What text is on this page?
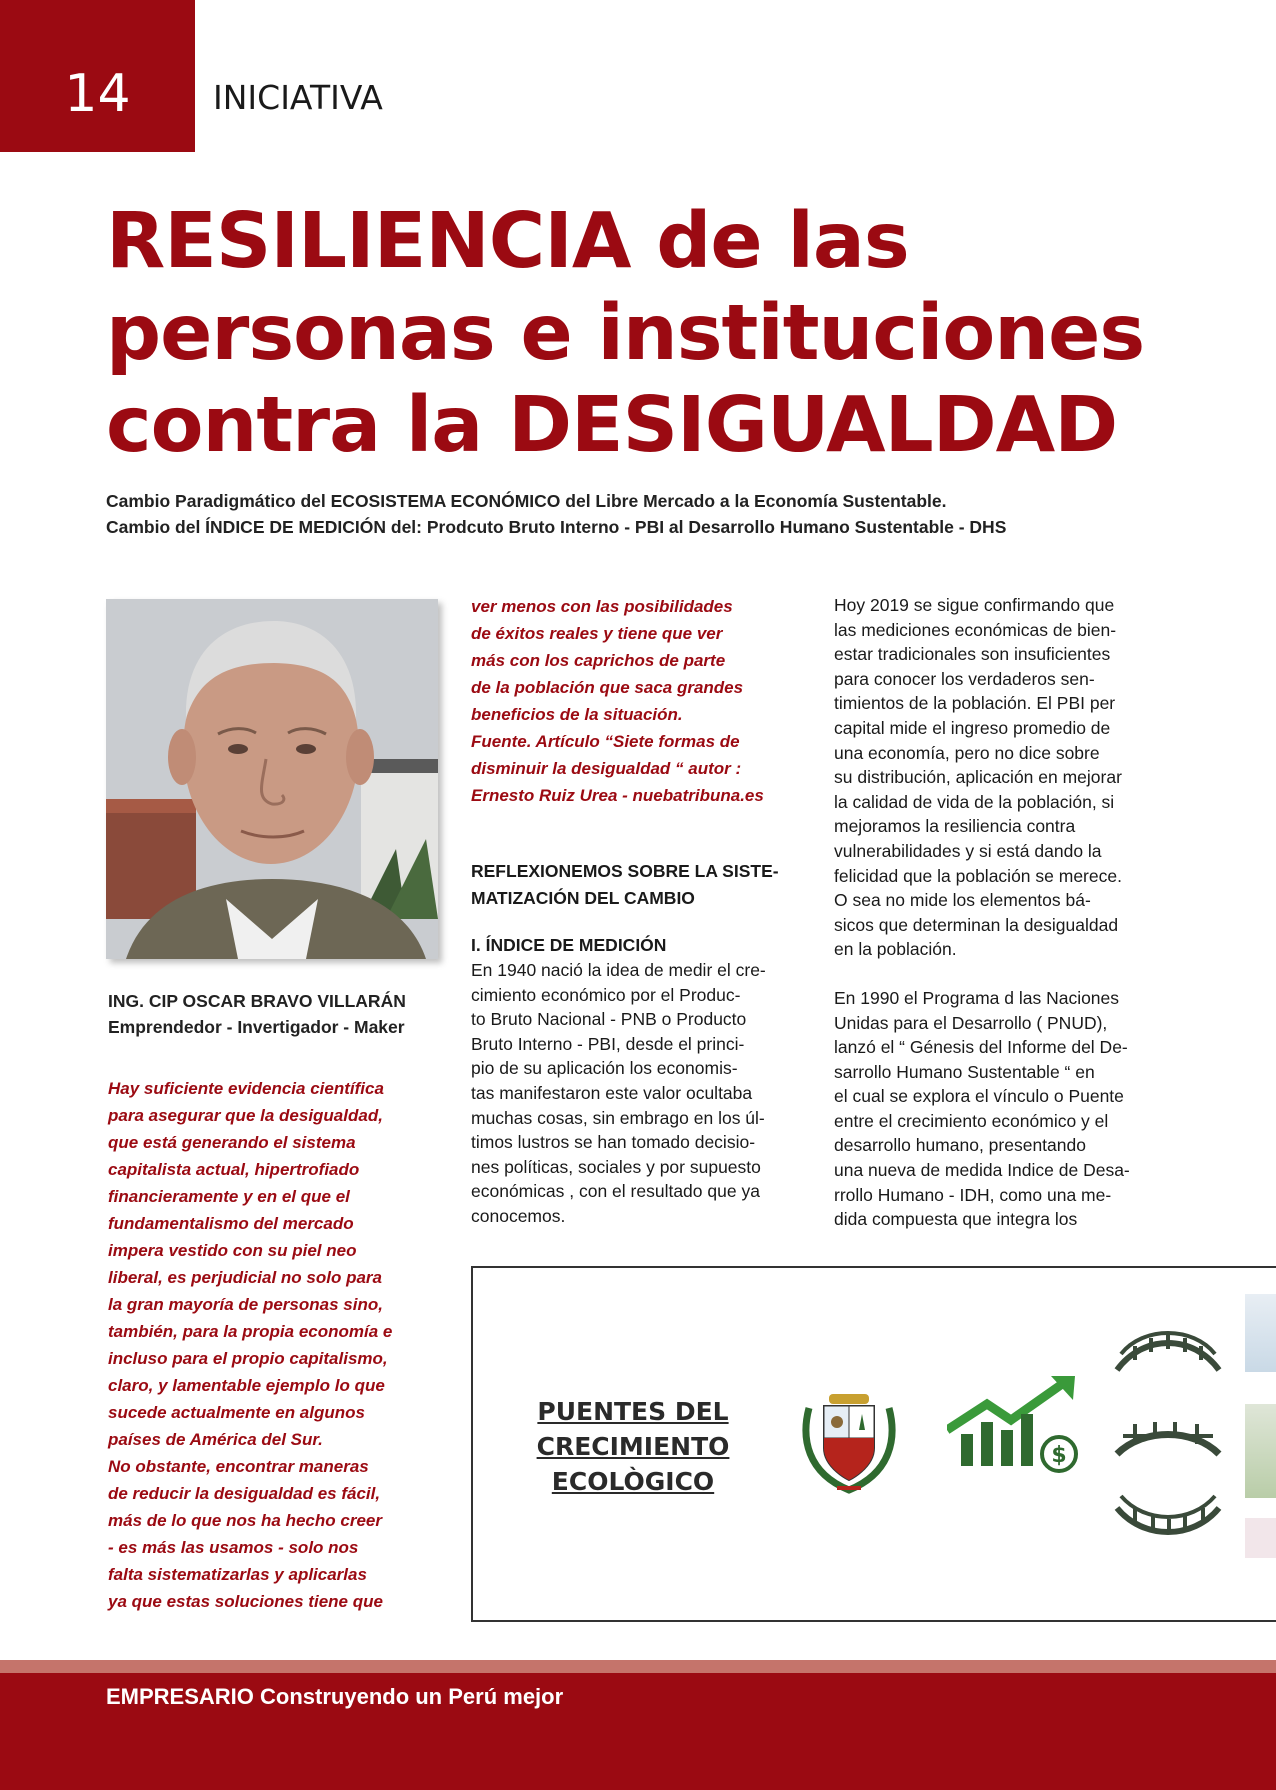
14	INICIATIVA
RESILIENCIA de las
personas e instituciones
contra la DESIGUALDAD
Cambio Paradigmático del ECOSISTEMA ECONÓMICO del Libre Mercado a la Economía Sustentable.
Cambio del ÍNDICE DE MEDICIÓN del: Prodcuto Bruto Interno - PBI al Desarrollo Humano Sustentable - DHS
ING. CIP OSCAR BRAVO VILLARÁN
Emprendedor - Invertigador - Maker
Hay suficiente evidencia científica
para asegurar que la desigualdad,
que está generando el sistema
capitalista actual, hipertrofiado
financieramente y en el que el
fundamentalismo del mercado
impera vestido con su piel neo
liberal, es perjudicial no solo para
la gran mayoría de personas sino,
también, para la propia economía e
incluso para el propio capitalismo,
claro, y lamentable ejemplo lo que
sucede actualmente en algunos
países de América del Sur.
No obstante, encontrar maneras
de reducir la desigualdad es fácil,
más de lo que nos ha hecho creer
- es más las usamos - solo nos
falta sistematizarlas y aplicarlas
ya que estas soluciones tiene que
ver menos con las posibilidades
de éxitos reales y tiene que ver
más con los caprichos de parte
de la población que saca grandes
beneficios de la situación.
Fuente. Artículo “Siete formas de
disminuir la desigualdad “ autor :
Ernesto Ruiz Urea - nuebatribuna.es
REFLEXIONEMOS SOBRE LA SISTE-
MATIZACIÓN DEL CAMBIO
I. ÍNDICE DE MEDICIÓN
En 1940 nació la idea de medir el cre-
cimiento económico por el Produc-
to Bruto Nacional - PNB o Producto
Bruto Interno - PBI, desde el princi-
pio de su aplicación los economis-
tas manifestaron este valor ocultaba
muchas cosas, sin embrago en los úl-
timos lustros se han tomado decisio-
nes políticas, sociales y por supuesto
económicas , con el resultado que ya
conocemos.
Hoy 2019 se sigue confirmando que
las mediciones económicas de bien-
estar tradicionales son insuficientes
para conocer los verdaderos sen-
timientos de la población. El PBI per
capital mide el ingreso promedio de
una economía, pero no dice sobre
su distribución, aplicación en mejorar
la calidad de vida de la población, si
mejoramos la resiliencia contra
vulnerabilidades y si está dando la
felicidad que la población se merece.
O sea no mide los elementos bá-
sicos que determinan la desigualdad
en la población.
En 1990 el Programa d las Naciones
Unidas para el Desarrollo ( PNUD),
lanzó el “ Génesis del Informe del De-
sarrollo Humano Sustentable “ en
el cual se explora el vínculo o Puente
entre el crecimiento económico y el
desarrollo humano, presentando
una nueva de medida Indice de Desa-
rrollo Humano - IDH, como una me-
dida compuesta que integra los
PUENTES DEL
CRECIMIENTO
ECOLÒGICO
$
EMPRESARIO Construyendo un Perú mejor
